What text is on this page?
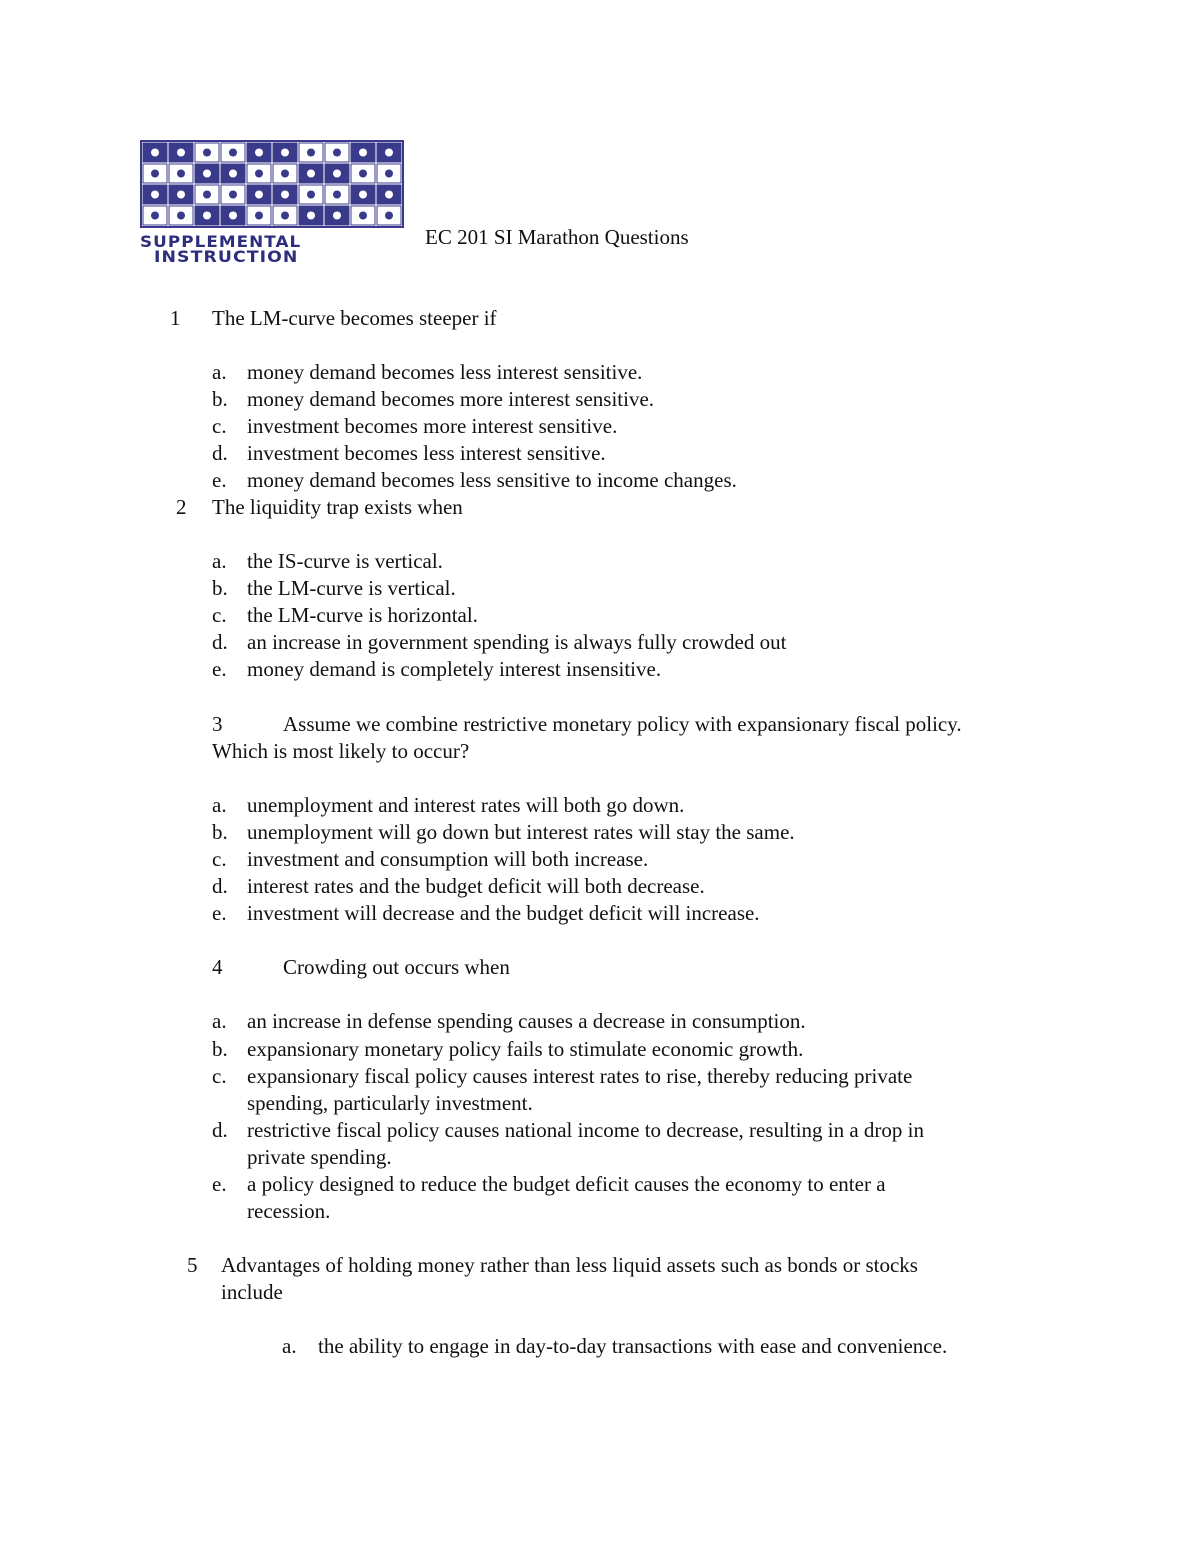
SUPPLEMENTAL
INSTRUCTION
EC 201 SI Marathon Questions
1 The LM-curve becomes steeper if
a. money demand becomes less interest sensitive.
b. money demand becomes more interest sensitive.
c. investment becomes more interest sensitive.
d. investment becomes less interest sensitive.
e. money demand becomes less sensitive to income changes.
2 The liquidity trap exists when
a. the IS-curve is vertical.
b. the LM-curve is vertical.
c. the LM-curve is horizontal.
d. an increase in government spending is always fully crowded out
e. money demand is completely interest insensitive.
3	Assume we combine restrictive monetary policy with expansionary fiscal policy.
Which is most likely to occur?
a. unemployment and interest rates will both go down.
b. unemployment will go down but interest rates will stay the same.
c. investment and consumption will both increase.
d. interest rates and the budget deficit will both decrease.
e. investment will decrease and the budget deficit will increase.
4	Crowding out occurs when
a. an increase in defense spending causes a decrease in consumption.
b. expansionary monetary policy fails to stimulate economic growth.
c. expansionary fiscal policy causes interest rates to rise, thereby reducing private
spending, particularly investment.
d. restrictive fiscal policy causes national income to decrease, resulting in a drop in
private spending.
e. a policy designed to reduce the budget deficit causes the economy to enter a
recession.
5 Advantages of holding money rather than less liquid assets such as bonds or stocks
include
a. the ability to engage in day-to-day transactions with ease and convenience.
